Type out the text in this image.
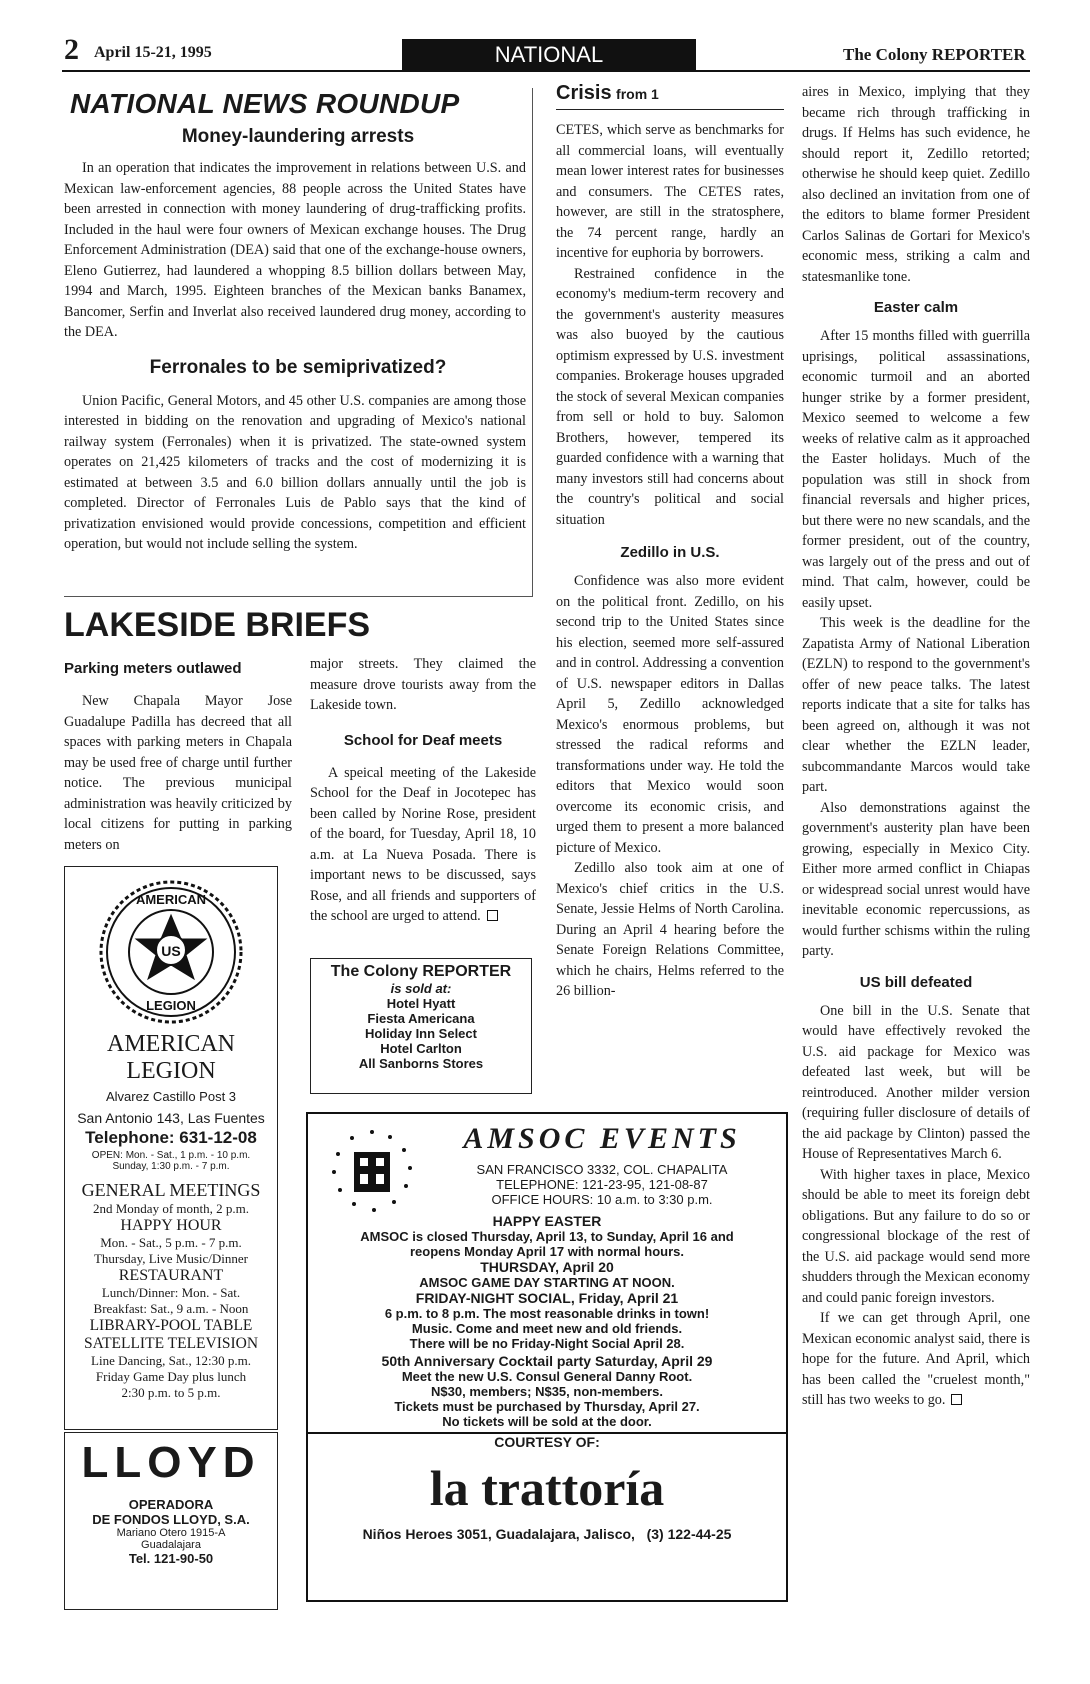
2 April 15-21, 1995	NATIONAL	The Colony REPORTER
NATIONAL NEWS ROUNDUP
Money-laundering arrests

In an operation that indicates the improvement in relations between U.S. and Mexican law-enforcement agencies, 88 people across the United States have been arrested in connection with money laundering of drug-trafficking profits. Included in the haul were four owners of Mexican exchange houses. The Drug Enforcement Administration (DEA) said that one of the exchange-house owners, Eleno Gutierrez, had laundered a whopping 8.5 billion dollars between May, 1994 and March, 1995. Eighteen branches of the Mexican banks Banamex, Bancomer, Serfin and Inverlat also received laundered drug money, according to the DEA.

Ferronales to be semiprivatized?

Union Pacific, General Motors, and 45 other U.S. companies are among those interested in bidding on the renovation and upgrading of Mexico's national railway system (Ferronales) when it is privatized. The state-owned system operates on 21,425 kilometers of tracks and the cost of modernizing it is estimated at between 3.5 and 6.0 billion dollars annually until the job is completed. Director of Ferronales Luis de Pablo says that the kind of privatization envisioned would provide concessions, competition and efficient operation, but would not include selling the system.

LAKESIDE BRIEFS
Parking meters outlawed

New Chapala Mayor Jose Guadalupe Padilla has decreed that all spaces with parking meters in Chapala may be used free of charge until further notice. The previous municipal administration was heavily criticized by local citizens for putting in parking meters on

major streets. They claimed the measure drove tourists away from the Lakeside town.

School for Deaf meets

A speical meeting of the Lakeside School for the Deaf in Jocotepec has been called by Norine Rose, president of the board, for Tuesday, April 18, 10 a.m. at La Nueva Posada. There is important news to be discussed, says Rose, and all friends and supporters of the school are urged to attend.

US
AMERICAN
LEGION
AMERICAN
LEGION
Alvarez Castillo Post 3
San Antonio 143, Las Fuentes
Telephone: 631-12-08
OPEN: Mon. - Sat., 1 p.m. - 10 p.m.
Sunday, 1:30 p.m. - 7 p.m.
GENERAL MEETINGS
2nd Monday of month, 2 p.m.
HAPPY HOUR
Mon. - Sat., 5 p.m. - 7 p.m.
Thursday, Live Music/Dinner
RESTAURANT
Lunch/Dinner: Mon. - Sat.
Breakfast: Sat., 9 a.m. - Noon
LIBRARY-POOL TABLE
SATELLITE TELEVISION
Line Dancing, Sat., 12:30 p.m.
Friday Game Day plus lunch
2:30 p.m. to 5 p.m.
LLOYD
OPERADORA
DE FONDOS LLOYD, S.A.
Mariano Otero 1915-A
Guadalajara
Tel. 121-90-50
The Colony REPORTER
is sold at:
Hotel Hyatt
Fiesta Americana
Holiday Inn Select
Hotel Carlton
All Sanborns Stores
Crisis from 1

CETES, which serve as benchmarks for all commercial loans, will eventually mean lower interest rates for businesses and consumers. The CETES rates, however, are still in the stratosphere, the 74 percent range, hardly an incentive for euphoria by borrowers.

Restrained confidence in the economy's medium-term recovery and the government's austerity measures was also buoyed by the cautious optimism expressed by U.S. investment companies. Brokerage houses upgraded the stock of several Mexican companies from sell or hold to buy. Salomon Brothers, however, tempered its guarded confidence with a warning that many investors still had concerns about the country's political and social situation

Zedillo in U.S.

Confidence was also more evident on the political front. Zedillo, on his second trip to the United States since his election, seemed more self-assured and in control. Addressing a convention of U.S. newspaper editors in Dallas April 5, Zedillo acknowledged Mexico's enormous problems, but stressed the radical reforms and transformations under way. He told the editors that Mexico would soon overcome its economic crisis, and urged them to present a more balanced picture of Mexico.

Zedillo also took aim at one of Mexico's chief critics in the U.S. Senate, Jessie Helms of North Carolina. During an April 4 hearing before the Senate Foreign Relations Committee, which he chairs, Helms referred to the 26 billion-

aires in Mexico, implying that they became rich through trafficking in drugs. If Helms has such evidence, he should report it, Zedillo retorted; otherwise he should keep quiet. Zedillo also declined an invitation from one of the editors to blame former President Carlos Salinas de Gortari for Mexico's economic mess, striking a calm and statesmanlike tone.

Easter calm

After 15 months filled with guerrilla uprisings, political assassinations, economic turmoil and an aborted hunger strike by a former president, Mexico seemed to welcome a few weeks of relative calm as it approached the Easter holidays. Much of the population was still in shock from financial reversals and higher prices, but there were no new scandals, and the former president, out of the country, was largely out of the press and out of mind. That calm, however, could be easily upset.

This week is the deadline for the Zapatista Army of National Liberation (EZLN) to respond to the government's offer of new peace talks. The latest reports indicate that a site for talks has been agreed on, although it was not clear whether the EZLN leader, subcommandante Marcos would take part.

Also demonstrations against the government's austerity plan have been growing, especially in Mexico City. Either more armed conflict in Chiapas or widespread social unrest would have inevitable economic repercussions, as would further schisms within the ruling party.

US bill defeated

One bill in the U.S. Senate that would have effectively revoked the U.S. aid package for Mexico was defeated last week, but will be reintroduced. Another milder version (requiring fuller disclosure of details of the aid package by Clinton) passed the House of Representatives March 6.

With higher taxes in place, Mexico should be able to meet its foreign debt obligations. But any failure to do so or congressional blockage of the rest of the U.S. aid package would send more shudders through the Mexican economy and could panic foreign investors.

If we can get through April, one Mexican economic analyst said, there is hope for the future. And April, which has been called the "cruelest month," still has two weeks to go.

AMSOC EVENTS
SAN FRANCISCO 3332, COL. CHAPALITA
TELEPHONE: 121-23-95, 121-08-87
OFFICE HOURS: 10 a.m. to 3:30 p.m.
HAPPY EASTER
AMSOC is closed Thursday, April 13, to Sunday, April 16 and
reopens Monday April 17 with normal hours.
THURSDAY, April 20
AMSOC GAME DAY STARTING AT NOON.
FRIDAY-NIGHT SOCIAL, Friday, April 21
6 p.m. to 8 p.m. The most reasonable drinks in town!
Music. Come and meet new and old friends.
There will be no Friday-Night Social April 28.
50th Anniversary Cocktail party Saturday, April 29
Meet the new U.S. Consul General Danny Root.
N$30, members; N$35, non-members.
Tickets must be purchased by Thursday, April 27.
No tickets will be sold at the door.
COURTESY OF:
la trattoría
Niños Heroes 3051, Guadalajara, Jalisco,   (3) 122-44-25
